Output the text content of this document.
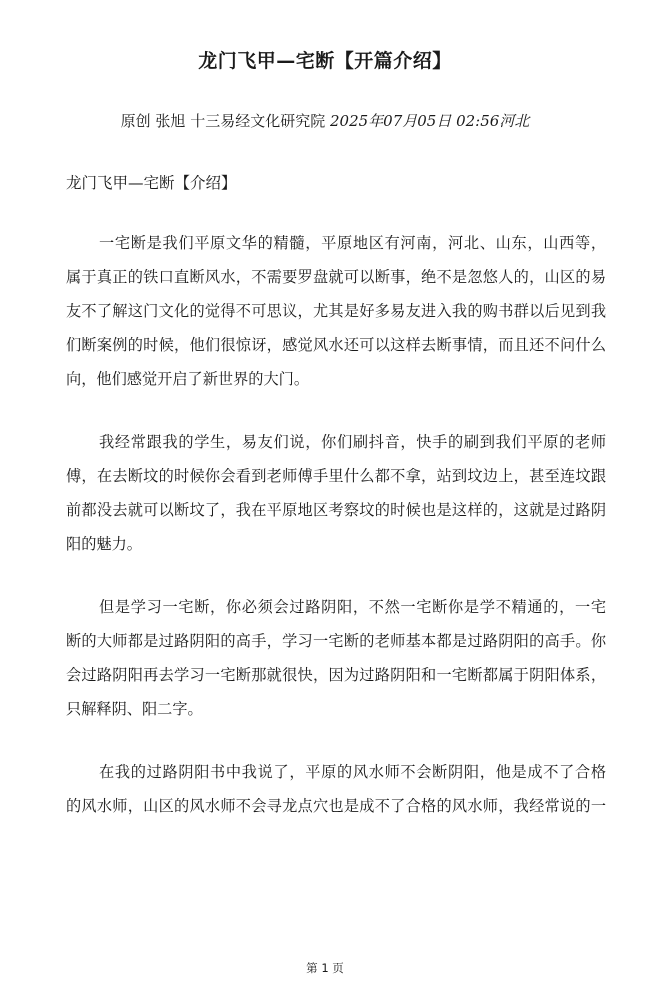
龙门飞甲—宅断【开篇介绍】
原创 张旭 十三易经文化研究院 2025年07月05日 02:56河北
龙门飞甲—宅断【介绍】
一宅断是我们平原文华的精髓，平原地区有河南，河北、山东，山西等，
属于真正的铁口直断风水，不需要罗盘就可以断事，绝不是忽悠人的，山区的易
友不了解这门文化的觉得不可思议，尤其是好多易友进入我的购书群以后见到我
们断案例的时候，他们很惊讶，感觉风水还可以这样去断事情，而且还不问什么
向，他们感觉开启了新世界的大门。
我经常跟我的学生，易友们说，你们刷抖音，快手的刷到我们平原的老师
傅，在去断坟的时候你会看到老师傅手里什么都不拿，站到坟边上，甚至连坟跟
前都没去就可以断坟了，我在平原地区考察坟的时候也是这样的，这就是过路阴
阳的魅力。
但是学习一宅断，你必须会过路阴阳，不然一宅断你是学不精通的，一宅
断的大师都是过路阴阳的高手，学习一宅断的老师基本都是过路阴阳的高手。你
会过路阴阳再去学习一宅断那就很快，因为过路阴阳和一宅断都属于阴阳体系，
只解释阴、阳二字。
在我的过路阴阳书中我说了，平原的风水师不会断阴阳，他是成不了合格
的风水师，山区的风水师不会寻龙点穴也是成不了合格的风水师，我经常说的一
第 1 页
